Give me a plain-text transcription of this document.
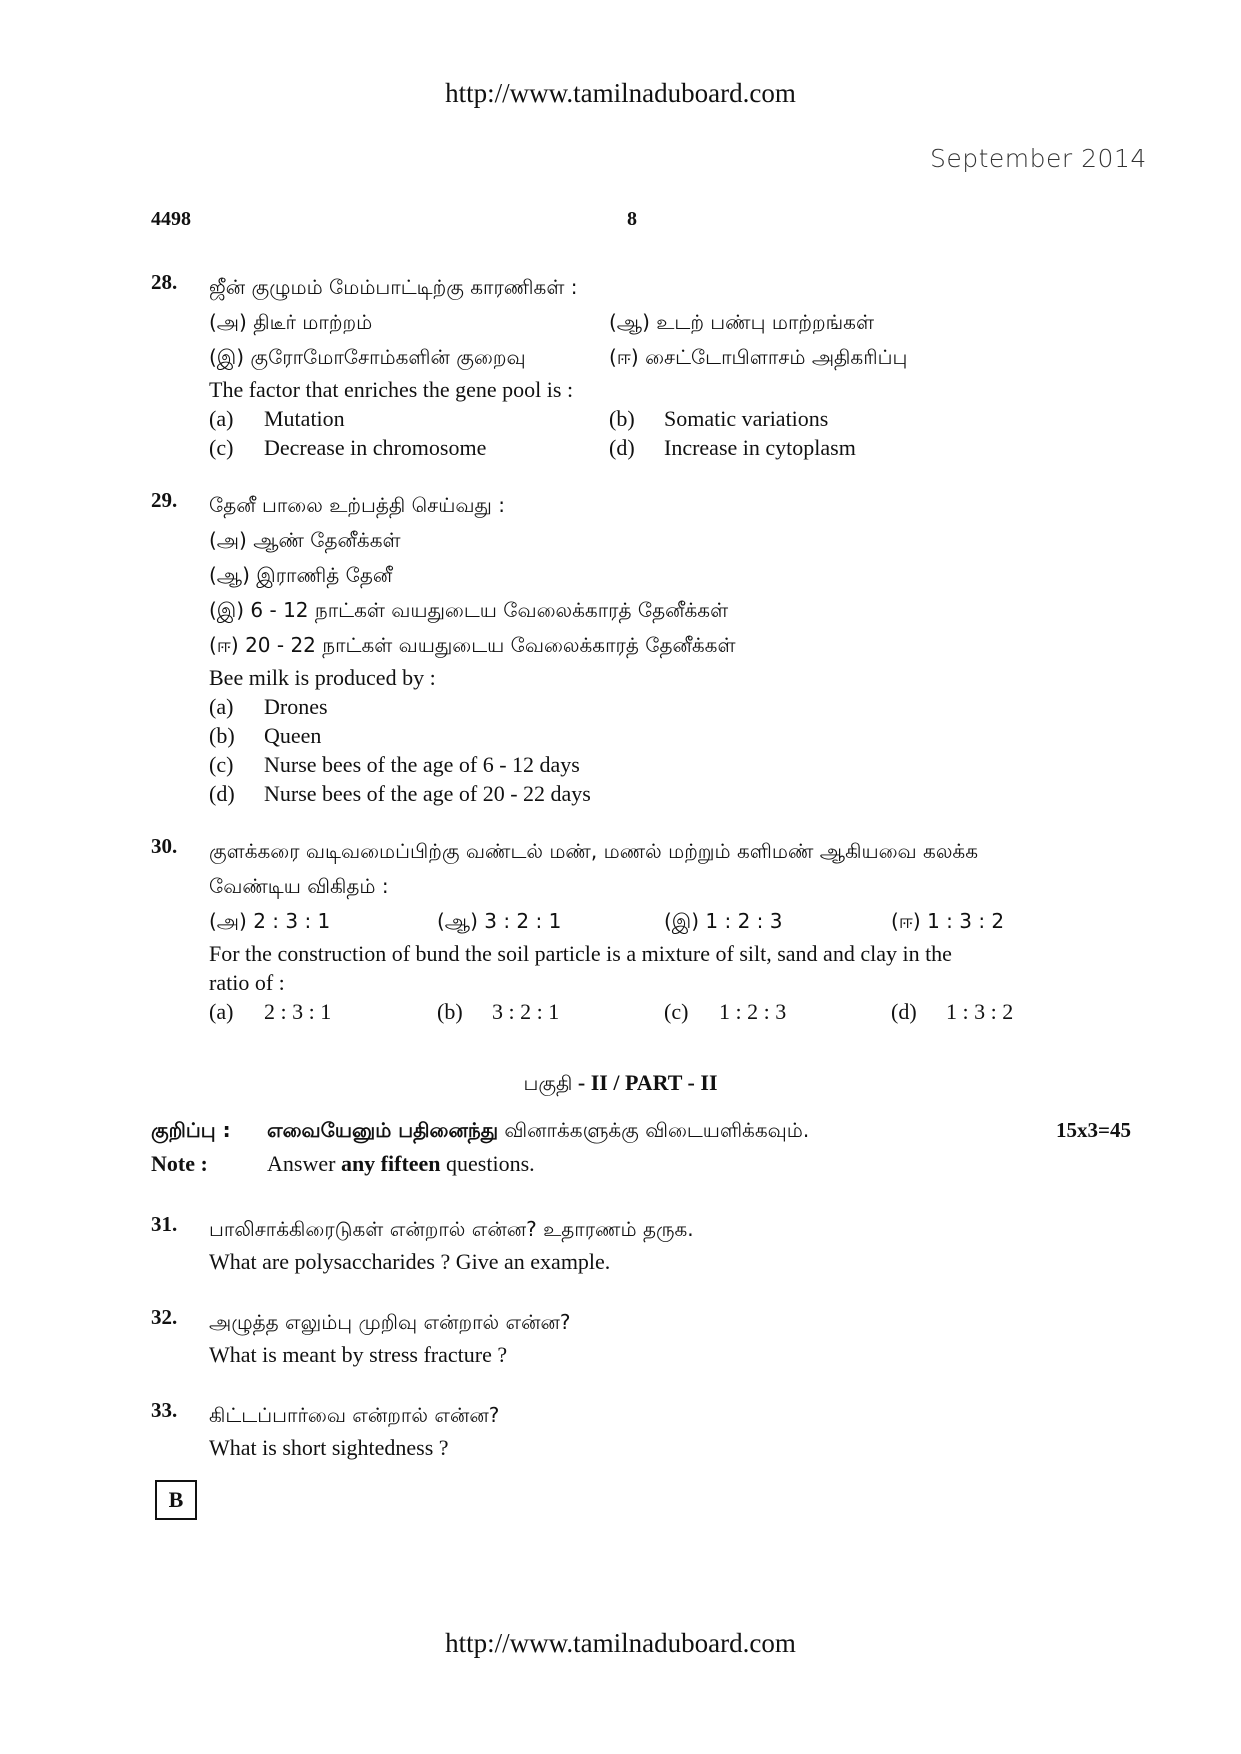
http://www.tamilnaduboard.com
September 2014
4498	8
28. ஜீன் குழுமம் மேம்பாட்டிற்கு காரணிகள் :
(அ) திடீர் மாற்றம்	(ஆ) உடற் பண்பு மாற்றங்கள்
(இ) குரோமோசோம்களின் குறைவு	(ஈ) சைட்டோபிளாசம் அதிகரிப்பு
The factor that enriches the gene pool is :
(a) Mutation	(b) Somatic variations
(c) Decrease in chromosome	(d) Increase in cytoplasm
29. தேனீ பாலை உற்பத்தி செய்வது :
(அ) ஆண் தேனீக்கள்
(ஆ) இராணித் தேனீ
(இ) 6 - 12 நாட்கள் வயதுடைய வேலைக்காரத் தேனீக்கள்
(ஈ) 20 - 22 நாட்கள் வயதுடைய வேலைக்காரத் தேனீக்கள்
Bee milk is produced by :
(a) Drones
(b) Queen
(c) Nurse bees of the age of 6 - 12 days
(d) Nurse bees of the age of 20 - 22 days
30. குளக்கரை வடிவமைப்பிற்கு வண்டல் மண், மணல் மற்றும் களிமண் ஆகியவை கலக்க
வேண்டிய விகிதம் :
(அ) 2 : 3 : 1	(ஆ) 3 : 2 : 1	(இ) 1 : 2 : 3	(ஈ) 1 : 3 : 2
For the construction of bund the soil particle is a mixture of silt, sand and clay in the
ratio of :
(a) 2 : 3 : 1	(b) 3 : 2 : 1	(c) 1 : 2 : 3	(d) 1 : 3 : 2
பகுதி - II / PART - II
குறிப்பு : எவையேனும் பதினைந்து வினாக்களுக்கு விடையளிக்கவும்.	15x3=45
Note :	Answer any fifteen questions.
31. பாலிசாக்கிரைடுகள் என்றால் என்ன? உதாரணம் தருக.
What are polysaccharides ? Give an example.
32. அழுத்த எலும்பு முறிவு என்றால் என்ன?
What is meant by stress fracture ?
33. கிட்டப்பார்வை என்றால் என்ன?
What is short sightedness ?
B
http://www.tamilnaduboard.com
